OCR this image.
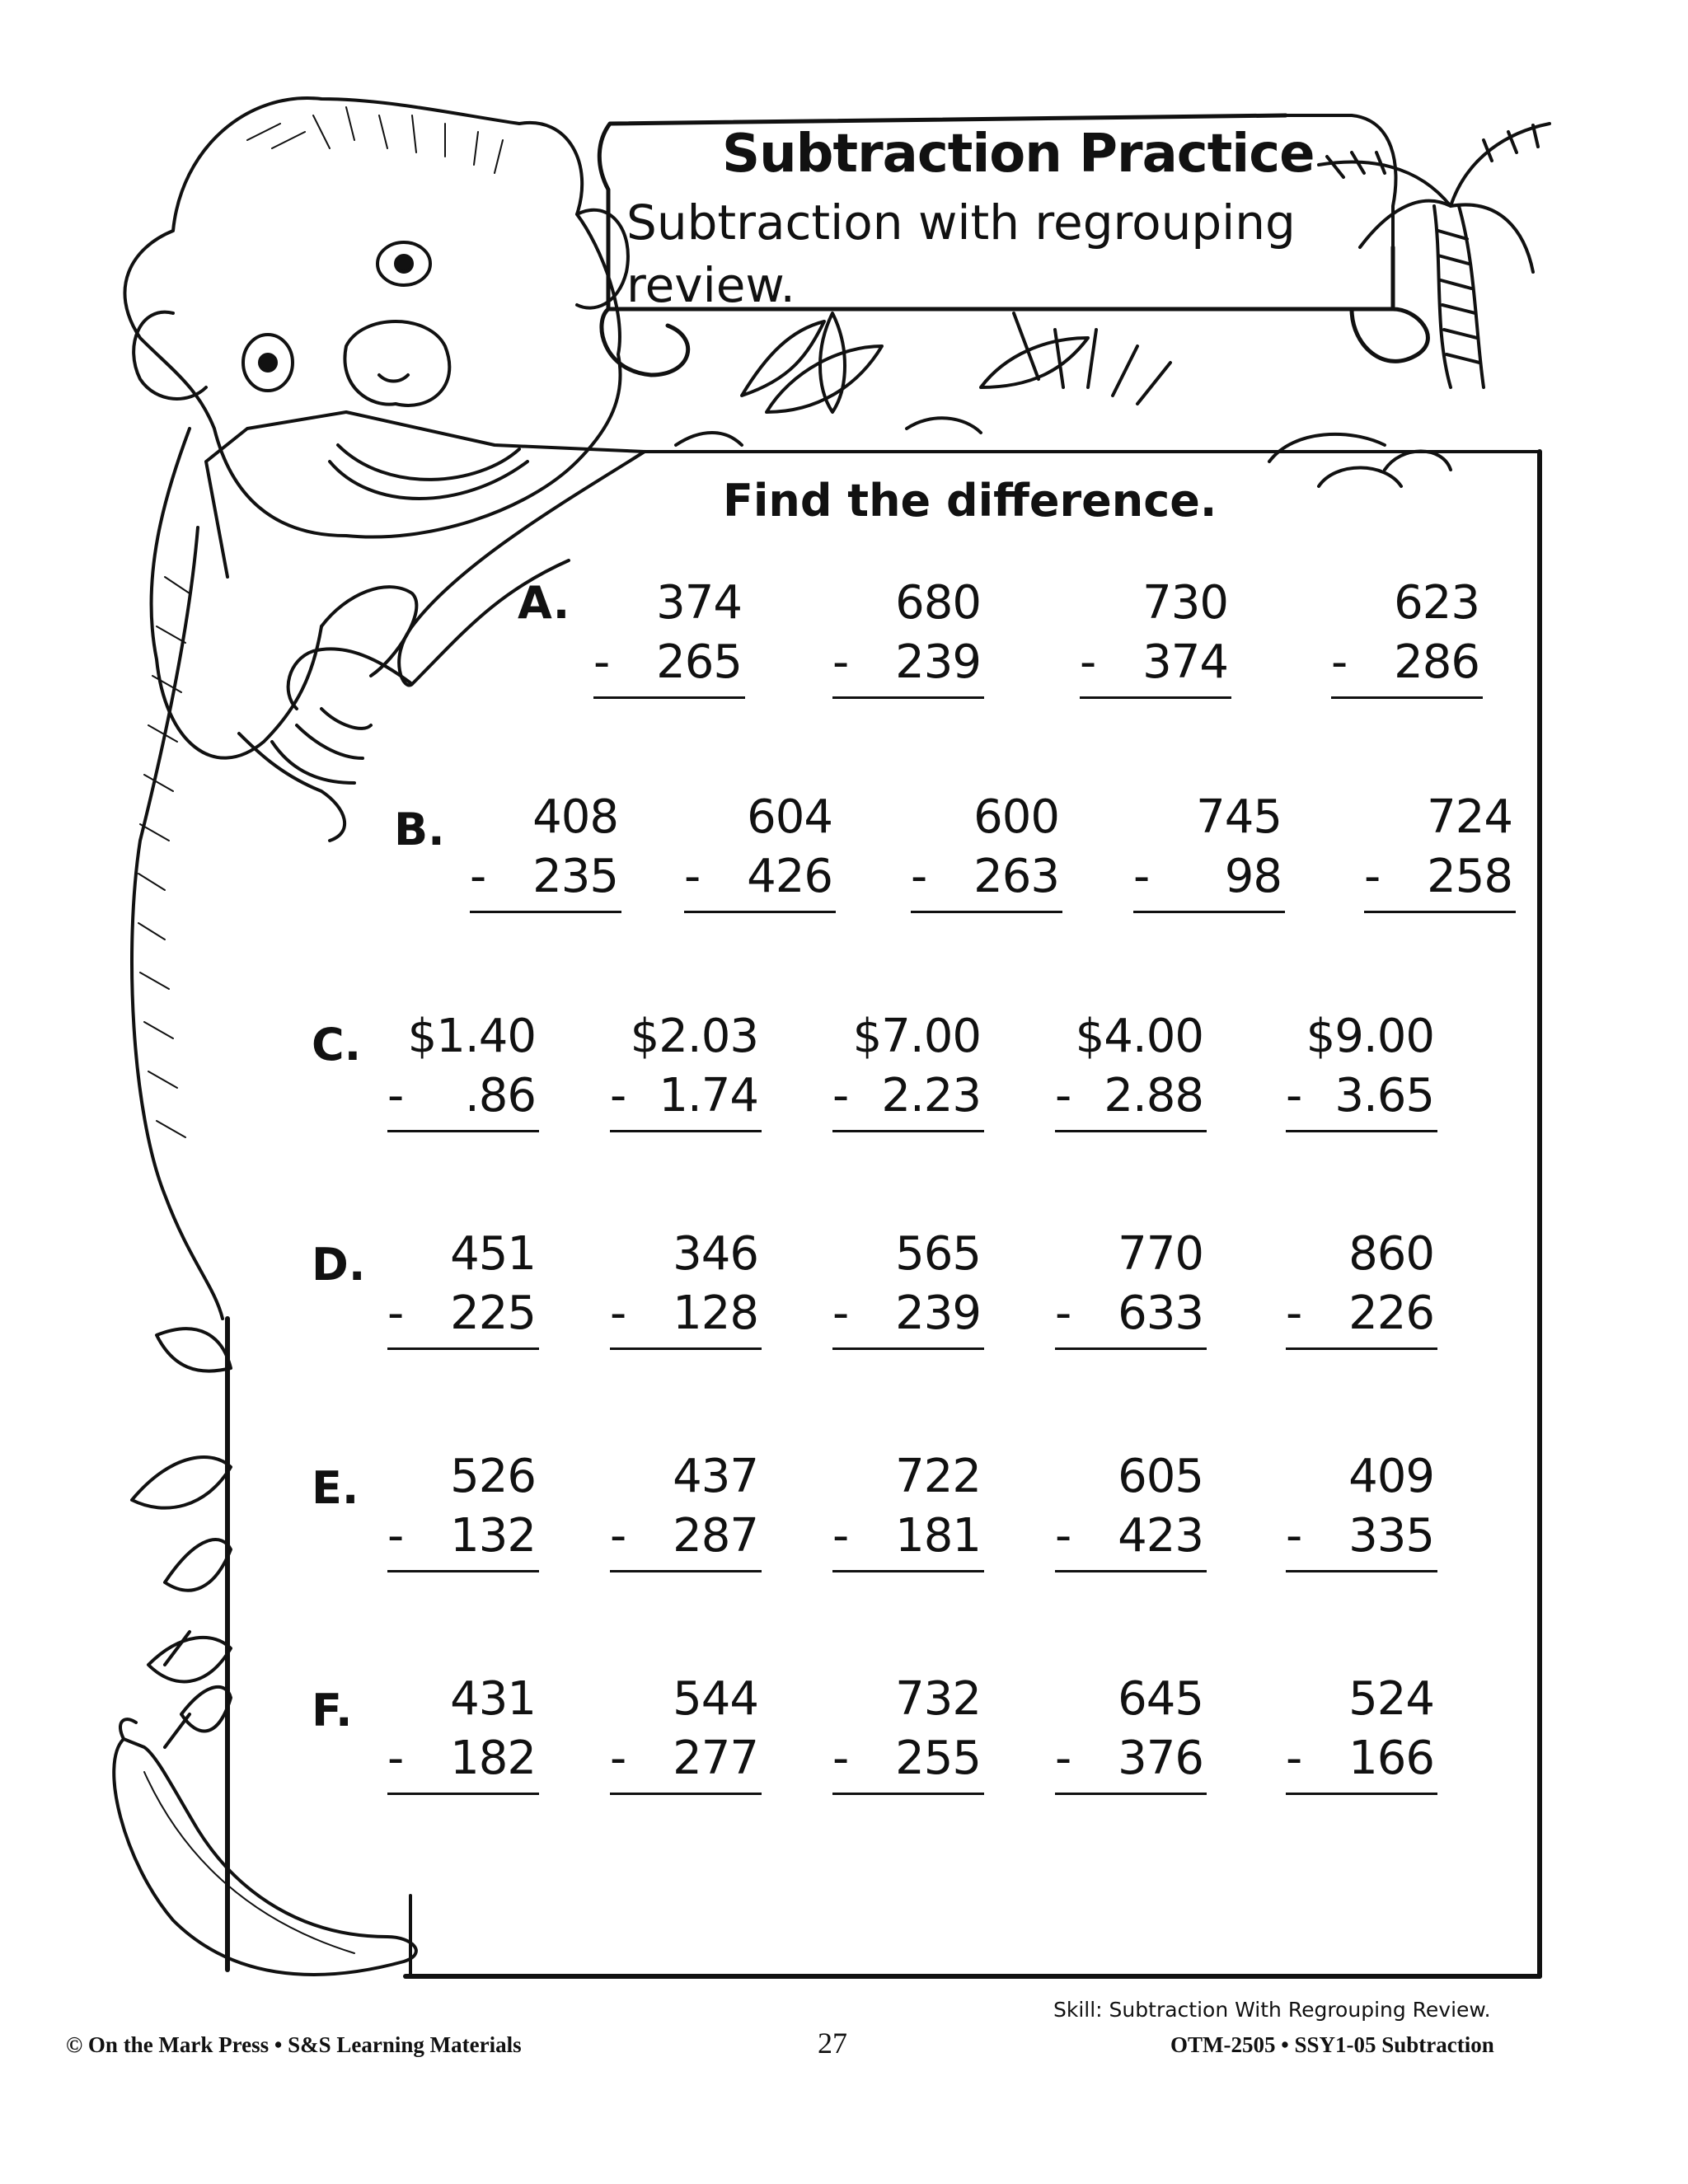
Subtraction Practice
Subtraction with regrouping review.
Find the difference.
A.
B.
C.
D.
E.
F.
374
- 265
680
- 239
730
- 374
623
- 286
408
- 235
604
- 426
600
- 263
745
- 98
724
- 258
$1.40
- .86
$2.03
- 1.74
$7.00
- 2.23
$4.00
- 2.88
$9.00
- 3.65
451
- 225
346
- 128
565
- 239
770
- 633
860
- 226
526
- 132
437
- 287
722
- 181
605
- 423
409
- 335
431
- 182
544
- 277
732
- 255
645
- 376
524
- 166
Skill: Subtraction With Regrouping Review.
© On the Mark Press • S&S Learning Materials	27	OTM-2505 • SSY1-05 Subtraction
